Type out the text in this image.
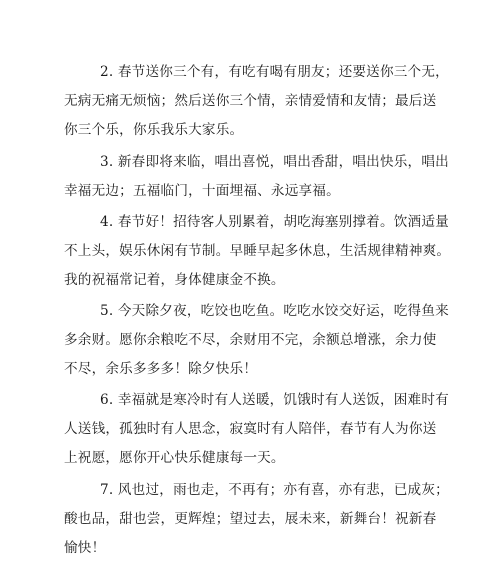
2. 春节送你三个有，有吃有喝有朋友；还要送你三个无，
无病无痛无烦恼；然后送你三个情，亲情爱情和友情；最后送
你三个乐，你乐我乐大家乐。
3. 新春即将来临，唱出喜悦，唱出香甜，唱出快乐，唱出
幸福无边；五福临门，十面埋福、永远享福。
4. 春节好！招待客人别累着，胡吃海塞别撑着。饮酒适量
不上头，娱乐休闲有节制。早睡早起多休息，生活规律精神爽。
我的祝福常记着，身体健康金不换。
5. 今天除夕夜，吃饺也吃鱼。吃吃水饺交好运，吃得鱼来
多余财。愿你余粮吃不尽，余财用不完，余额总增涨，余力使
不尽，余乐多多多！除夕快乐！
6. 幸福就是寒冷时有人送暖，饥饿时有人送饭，困难时有
人送钱，孤独时有人思念，寂寞时有人陪伴，春节有人为你送
上祝愿，愿你开心快乐健康每一天。
7. 风也过，雨也走，不再有；亦有喜，亦有悲，已成灰；
酸也品，甜也尝，更辉煌；望过去，展未来，新舞台！祝新春
愉快！
